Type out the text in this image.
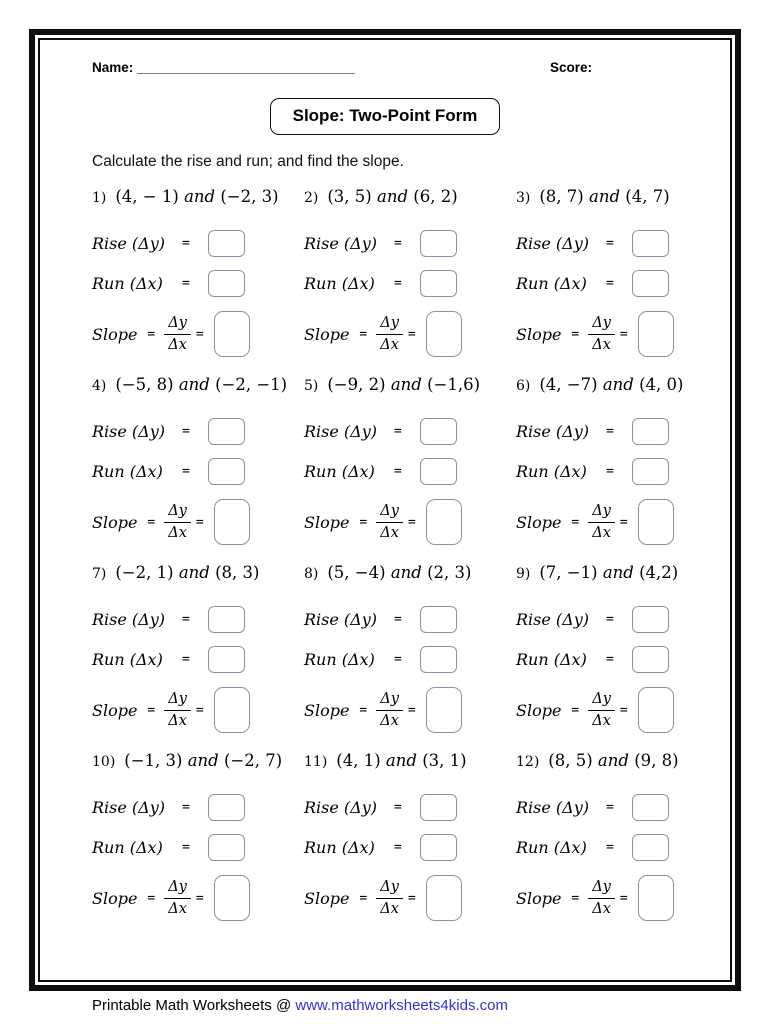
Name: _____________________________	Score:
Slope: Two-Point Form
Calculate the rise and run; and find the slope.
1) (4, − 1) and (−2, 3)
Rise (Δy)	=
Run (Δx)	=
Slope = $\frac{\Delta y}{\Delta x}$ =
2) (3, 5) and (6, 2)
Rise (Δy)	=
Run (Δx)	=
Slope = $\frac{\Delta y}{\Delta x}$ =
3) (8, 7) and (4, 7)
Rise (Δy)	=
Run (Δx)	=
Slope = $\frac{\Delta y}{\Delta x}$ =
4) (−5, 8) and (−2, −1)
Rise (Δy)	=
Run (Δx)	=
Slope = $\frac{\Delta y}{\Delta x}$ =
5) (−9, 2) and (−1,6)
Rise (Δy)	=
Run (Δx)	=
Slope = $\frac{\Delta y}{\Delta x}$ =
6) (4, −7) and (4, 0)
Rise (Δy)	=
Run (Δx)	=
Slope = $\frac{\Delta y}{\Delta x}$ =
7) (−2, 1) and (8, 3)
Rise (Δy)	=
Run (Δx)	=
Slope = $\frac{\Delta y}{\Delta x}$ =
8) (5, −4) and (2, 3)
Rise (Δy)	=
Run (Δx)	=
Slope = $\frac{\Delta y}{\Delta x}$ =
9) (7, −1) and (4,2)
Rise (Δy)	=
Run (Δx)	=
Slope = $\frac{\Delta y}{\Delta x}$ =
10) (−1, 3) and (−2, 7)
Rise (Δy)	=
Run (Δx)	=
Slope = $\frac{\Delta y}{\Delta x}$ =
11) (4, 1) and (3, 1)
Rise (Δy)	=
Run (Δx)	=
Slope = $\frac{\Delta y}{\Delta x}$ =
12) (8, 5) and (9, 8)
Rise (Δy)	=
Run (Δx)	=
Slope = $\frac{\Delta y}{\Delta x}$ =
Printable Math Worksheets @ www.mathworksheets4kids.com
